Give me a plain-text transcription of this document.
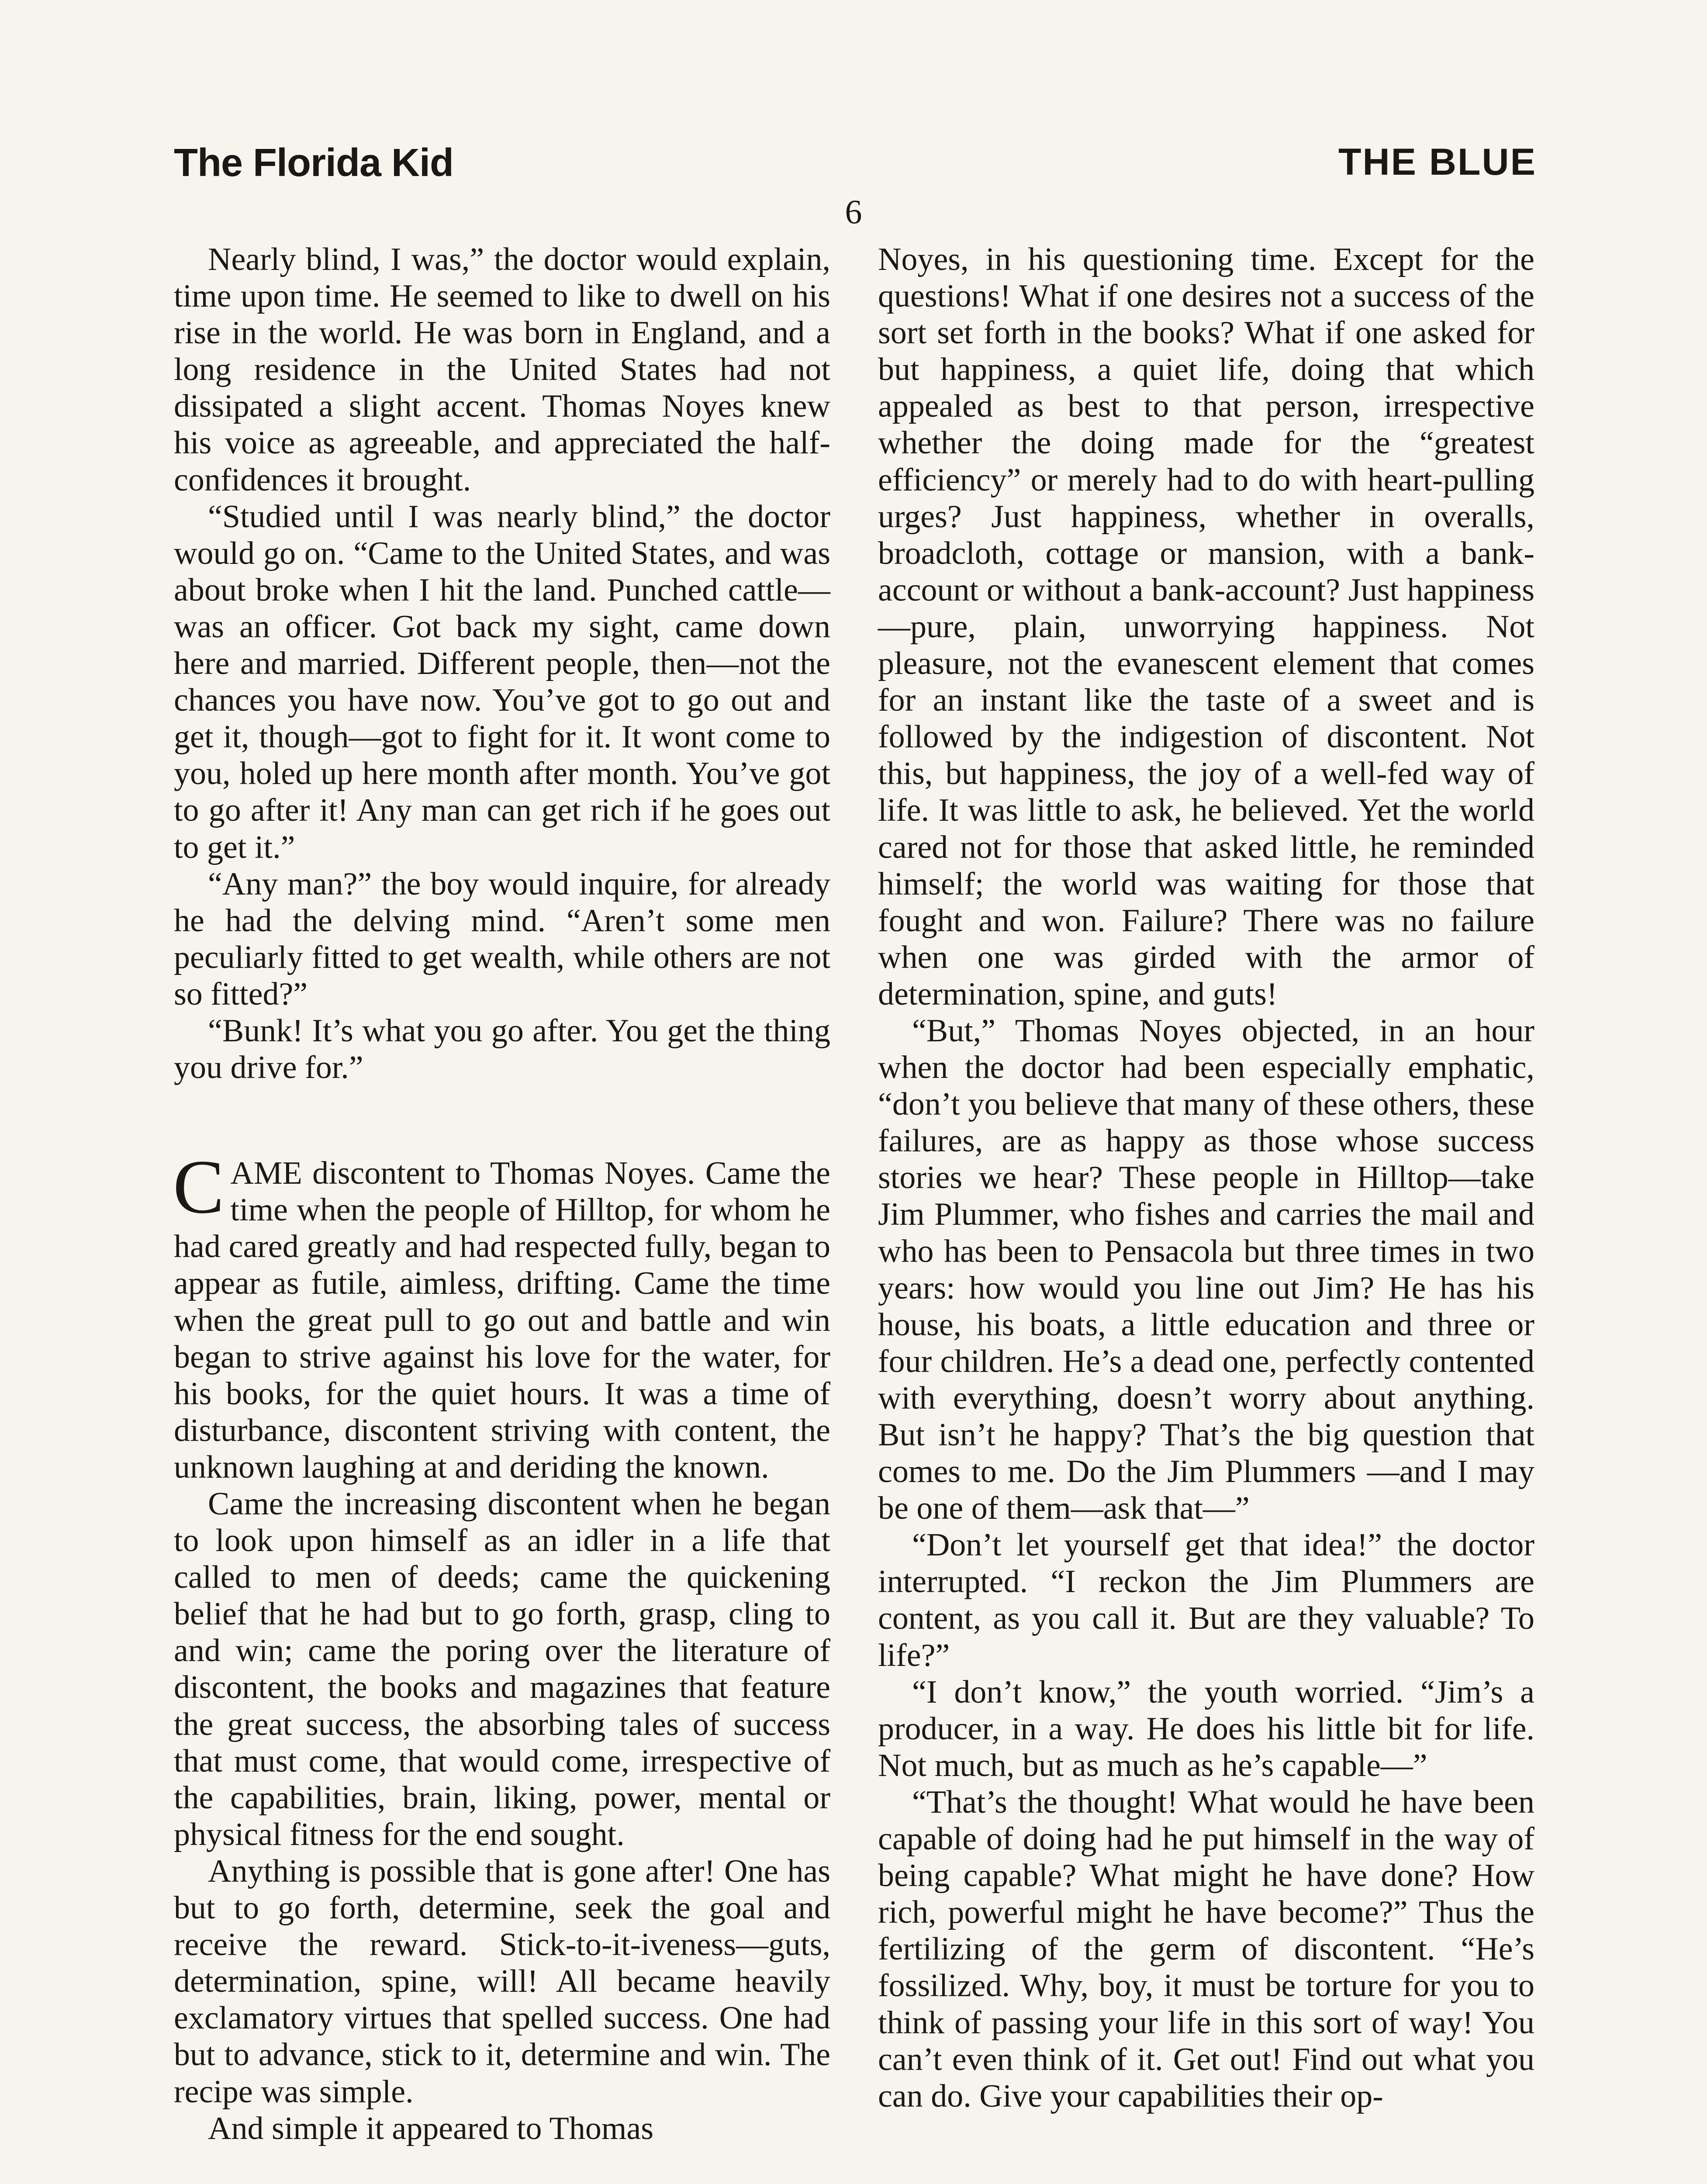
The Florida Kid	THE BLUE
6

Nearly blind, I was,” the doctor would explain, time upon time. He seemed to like to dwell on his rise in the world. He was born in England, and a long residence in the United States had not dissipated a slight accent. Thomas Noyes knew his voice as agreeable, and appreciated the half-confidences it brought.

“Studied until I was nearly blind,” the doctor would go on. “Came to the United States, and was about broke when I hit the land. Punched cattle—was an officer. Got back my sight, came down here and married. Different people, then—not the chances you have now. You’ve got to go out and get it, though—got to fight for it. It wont come to you, holed up here month after month. You’ve got to go after it! Any man can get rich if he goes out to get it.”

“Any man?” the boy would inquire, for already he had the delving mind. “Aren’t some men peculiarly fitted to get wealth, while others are not so fitted?”

“Bunk! It’s what you go after. You get the thing you drive for.”

CAME discontent to Thomas Noyes. Came the time when the people of Hilltop, for whom he had cared greatly and had respected fully, began to appear as futile, aimless, drifting. Came the time when the great pull to go out and battle and win began to strive against his love for the water, for his books, for the quiet hours. It was a time of disturbance, discontent striving with content, the unknown laughing at and deriding the known.

Came the increasing discontent when he began to look upon himself as an idler in a life that called to men of deeds; came the quickening belief that he had but to go forth, grasp, cling to and win; came the poring over the literature of discontent, the books and magazines that feature the great success, the absorbing tales of success that must come, that would come, irrespective of the capabilities, brain, liking, power, mental or physical fitness for the end sought.

Anything is possible that is gone after! One has but to go forth, determine, seek the goal and receive the reward. Stick-to-it-iveness—guts, determination, spine, will! All became heavily exclamatory virtues that spelled success. One had but to advance, stick to it, determine and win. The recipe was simple.

And simple it appeared to Thomas

Noyes, in his questioning time. Except for the questions! What if one desires not a success of the sort set forth in the books? What if one asked for but happiness, a quiet life, doing that which appealed as best to that person, irrespective whether the doing made for the “greatest efficiency” or merely had to do with heart-pulling urges? Just happiness, whether in overalls, broadcloth, cottage or mansion, with a bank-account or without a bank-account? Just happiness—pure, plain, unworrying happiness. Not pleasure, not the evanescent element that comes for an instant like the taste of a sweet and is followed by the indigestion of discontent. Not this, but happiness, the joy of a well-fed way of life. It was little to ask, he believed. Yet the world cared not for those that asked little, he reminded himself; the world was waiting for those that fought and won. Failure? There was no failure when one was girded with the armor of determination, spine, and guts!

“But,” Thomas Noyes objected, in an hour when the doctor had been especially emphatic, “don’t you believe that many of these others, these failures, are as happy as those whose success stories we hear? These people in Hilltop—take Jim Plummer, who fishes and carries the mail and who has been to Pensacola but three times in two years: how would you line out Jim? He has his house, his boats, a little education and three or four children. He’s a dead one, perfectly contented with everything, doesn’t worry about anything. But isn’t he happy? That’s the big question that comes to me. Do the Jim Plummers —and I may be one of them—ask that—”

“Don’t let yourself get that idea!” the doctor interrupted. “I reckon the Jim Plummers are content, as you call it. But are they valuable? To life?”

“I don’t know,” the youth worried. “Jim’s a producer, in a way. He does his little bit for life. Not much, but as much as he’s capable—”

“That’s the thought! What would he have been capable of doing had he put himself in the way of being capable? What might he have done? How rich, powerful might he have become?” Thus the fertilizing of the germ of discontent. “He’s fossilized. Why, boy, it must be torture for you to think of passing your life in this sort of way! You can’t even think of it. Get out! Find out what you can do. Give your capabilities their op-
